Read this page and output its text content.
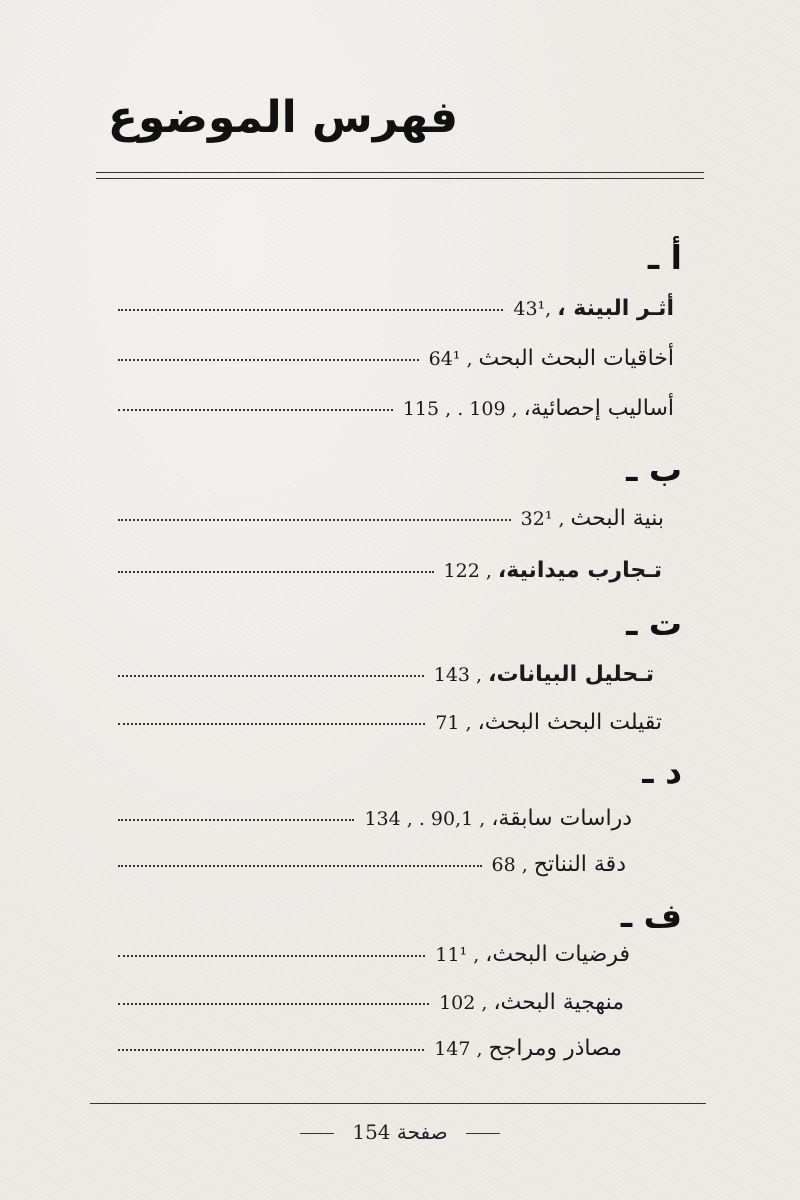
فهرس الموضوع
أ ـ
أثـر البينة ،
43¹,
أخاقيات البحث البحث
64¹ ,
أساليب إحصائية،
115 , . 109 ,
ب ـ
بنية البحث
32¹ ,
تـجارب ميدانية،
122 ,
ت ـ
تـحليل البيانات،
143 ,
تقيلت البحث البحث،
71 ,
د ـ
دراسات سابقة،
134 , . 90,1 ,
دقة النناتح
68 ,
ف ـ
فرضيات البحث،
11¹ ,
منهجية البحث،
102 ,
مصاذر ومراجح
147 ,
صفحة 154
